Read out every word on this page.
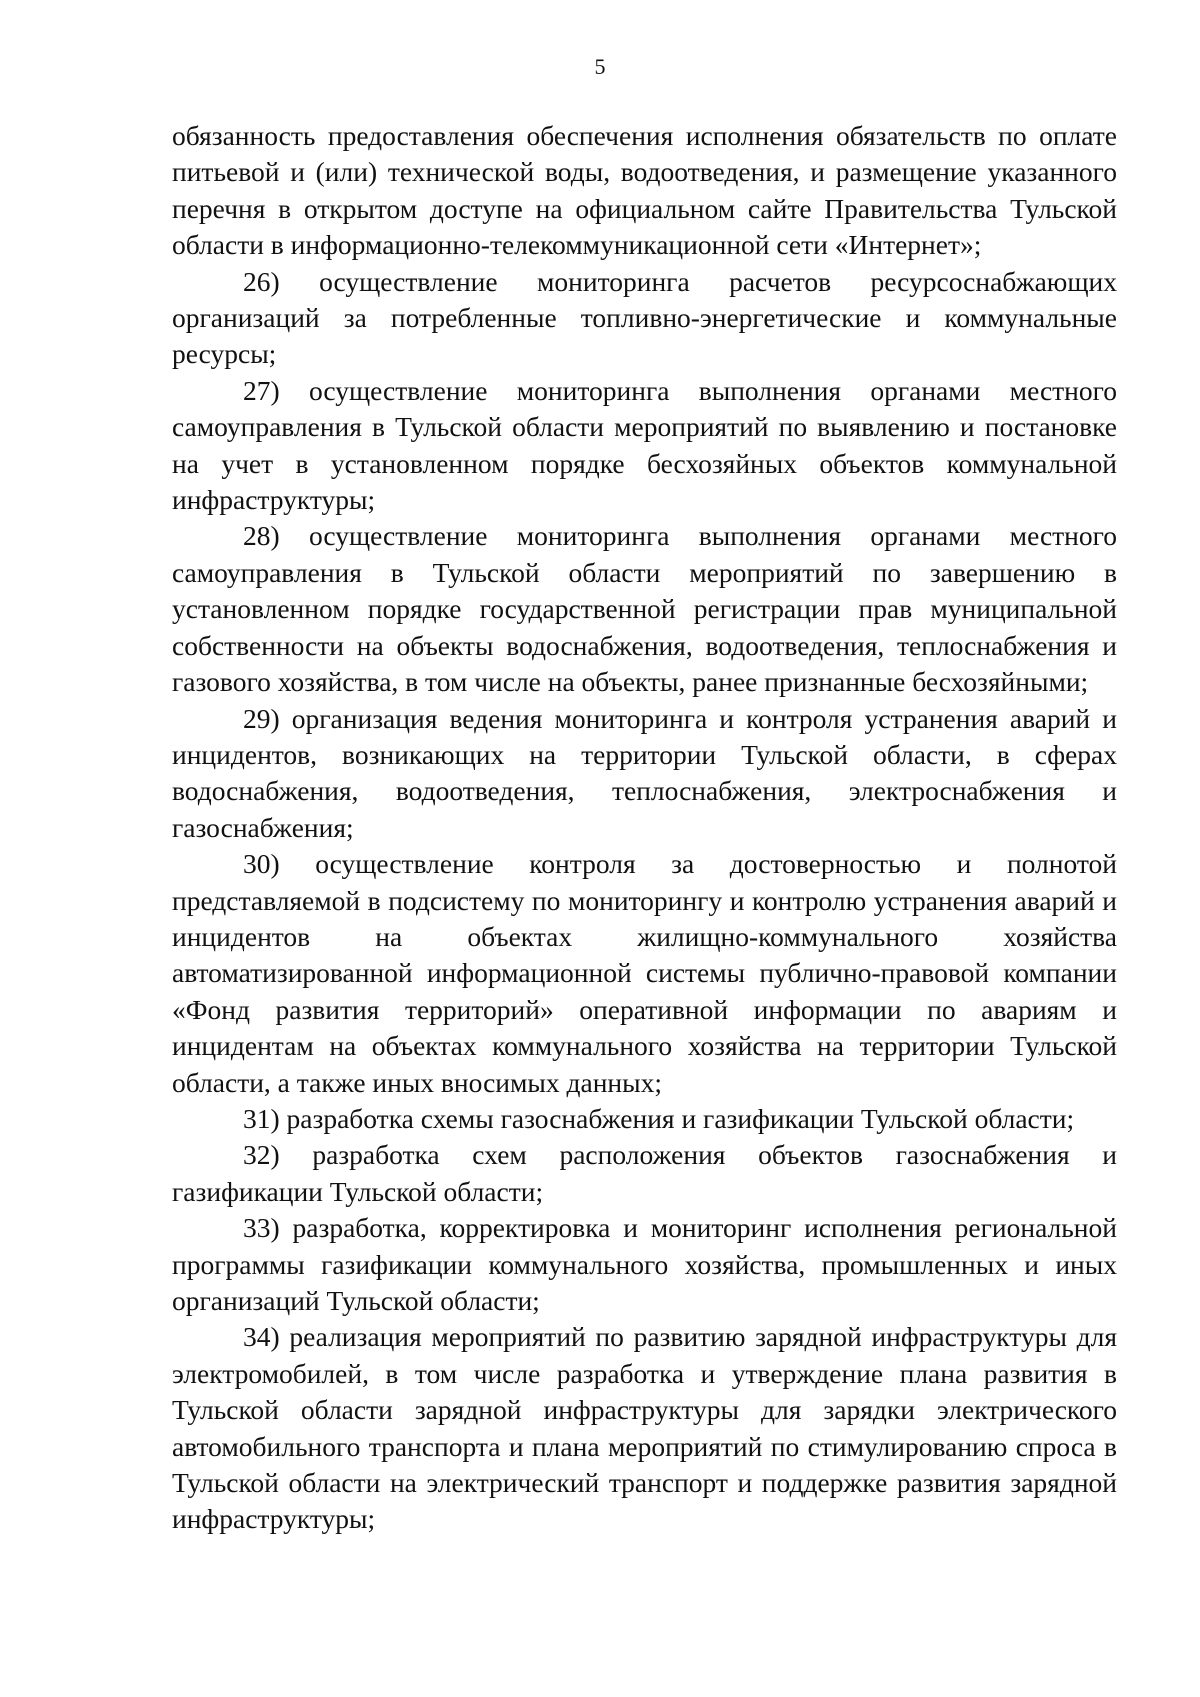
5

обязанность предоставления обеспечения исполнения обязательств по оплате питьевой и (или) технической воды, водоотведения, и размещение указанного перечня в открытом доступе на официальном сайте Правительства Тульской области в информационно-телекоммуникационной сети «Интернет»;

26) осуществление мониторинга расчетов ресурсоснабжающих организаций за потребленные топливно-энергетические и коммунальные ресурсы;

27) осуществление мониторинга выполнения органами местного самоуправления в Тульской области мероприятий по выявлению и постановке на учет в установленном порядке бесхозяйных объектов коммунальной инфраструктуры;

28) осуществление мониторинга выполнения органами местного самоуправления в Тульской области мероприятий по завершению в установленном порядке государственной регистрации прав муниципальной собственности на объекты водоснабжения, водоотведения, теплоснабжения и газового хозяйства, в том числе на объекты, ранее признанные бесхозяйными;

29) организация ведения мониторинга и контроля устранения аварий и инцидентов, возникающих на территории Тульской области, в сферах водоснабжения, водоотведения, теплоснабжения, электроснабжения и газоснабжения;

30) осуществление контроля за достоверностью и полнотой представляемой в подсистему по мониторингу и контролю устранения аварий и инцидентов на объектах жилищно-коммунального хозяйства автоматизированной информационной системы публично-правовой компании «Фонд развития территорий» оперативной информации по авариям и инцидентам на объектах коммунального хозяйства на территории Тульской области, а также иных вносимых данных;

31) разработка схемы газоснабжения и газификации Тульской области;

32) разработка схем расположения объектов газоснабжения и газификации Тульской области;

33) разработка, корректировка и мониторинг исполнения региональной программы газификации коммунального хозяйства, промышленных и иных организаций Тульской области;

34) реализация мероприятий по развитию зарядной инфраструктуры для электромобилей, в том числе разработка и утверждение плана развития в Тульской области зарядной инфраструктуры для зарядки электрического автомобильного транспорта и плана мероприятий по стимулированию спроса в Тульской области на электрический транспорт и поддержке развития зарядной инфраструктуры;
